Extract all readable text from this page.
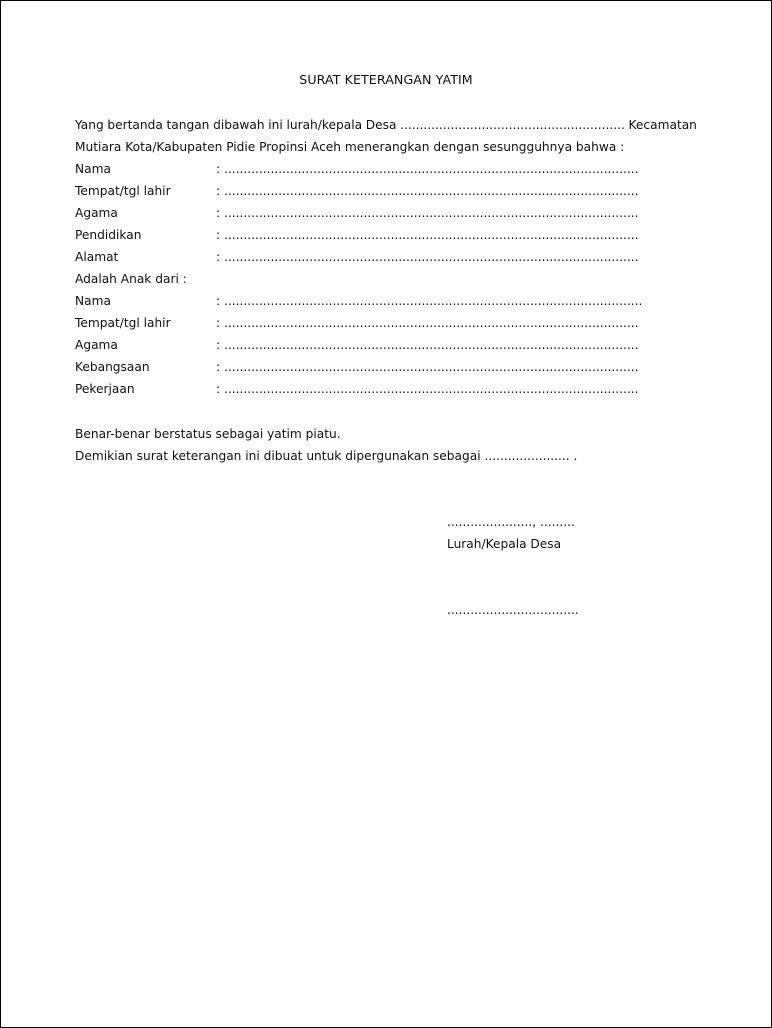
SURAT KETERANGAN YATIM
Yang bertanda tangan dibawah ini lurah/kepala Desa .......................................................... Kecamatan
Mutiara Kota/Kabupaten Pidie Propinsi Aceh menerangkan dengan sesungguhnya bahwa :
Nama	: ...........................................................................................................
Tempat/tgl lahir	: ...........................................................................................................
Agama	: ...........................................................................................................
Pendidikan	: ...........................................................................................................
Alamat	: ...........................................................................................................
Adalah Anak dari :
Nama	: ............................................................................................................
Tempat/tgl lahir	: ...........................................................................................................
Agama	: ...........................................................................................................
Kebangsaan	: ...........................................................................................................
Pekerjaan	: ...........................................................................................................
Benar-benar berstatus sebagai yatim piatu.
Demikian surat keterangan ini dibuat untuk dipergunakan sebagai ...................... .
......................, .........
Lurah/Kepala Desa
..................................
